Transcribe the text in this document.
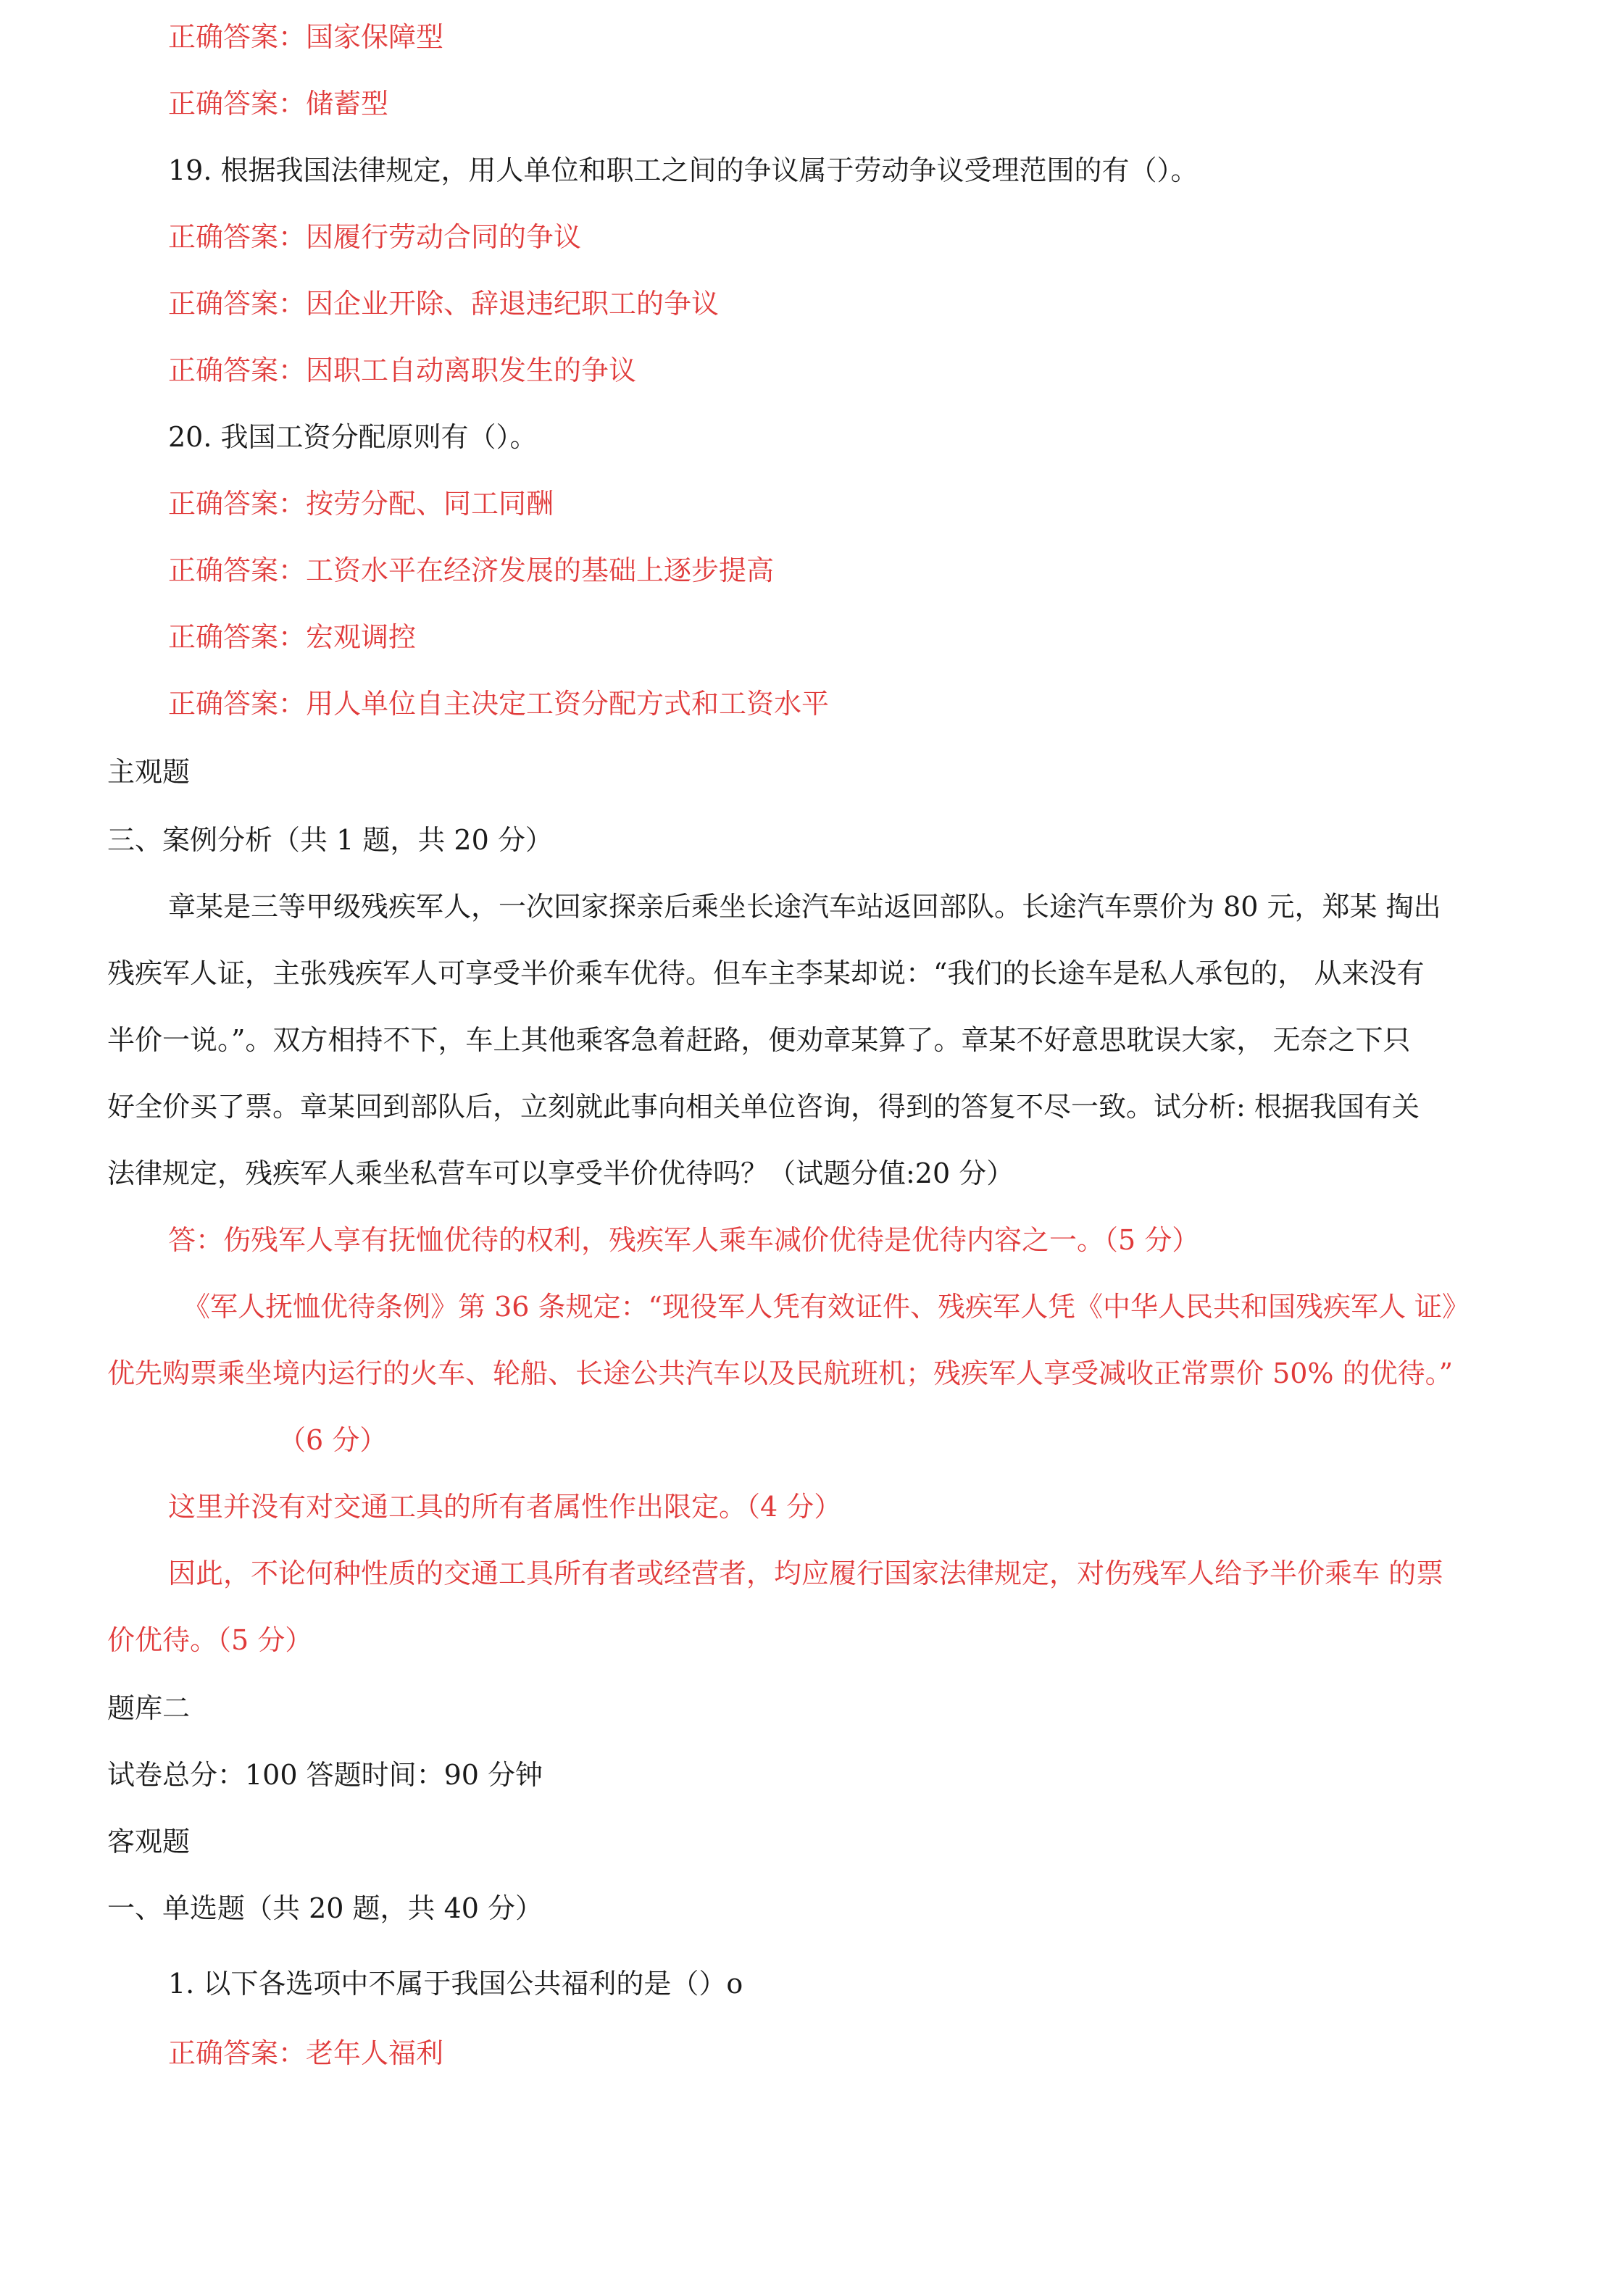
正确答案：国家保障型
正确答案：储蓄型
19. 根据我国法律规定，用人单位和职工之间的争议属于劳动争议受理范围的有（）。
正确答案：因履行劳动合同的争议
正确答案：因企业开除、辞退违纪职工的争议
正确答案：因职工自动离职发生的争议
20. 我国工资分配原则有（）。
正确答案：按劳分配、同工同酬
正确答案：工资水平在经济发展的基础上逐步提高
正确答案：宏观调控
正确答案：用人单位自主决定工资分配方式和工资水平
主观题
三、案例分析（共 1 题，共 20 分）
章某是三等甲级残疾军人，一次回家探亲后乘坐长途汽车站返回部队。长途汽车票价为 80 元，郑某 掏出
残疾军人证，主张残疾军人可享受半价乘车优待。但车主李某却说：“我们的长途车是私人承包的， 从来没有
半价一说。”。双方相持不下，车上其他乘客急着赶路，便劝章某算了。章某不好意思耽误大家， 无奈之下只
好全价买了票。章某回到部队后，立刻就此事向相关单位咨询，得到的答复不尽一致。试分析: 根据我国有关
法律规定，残疾军人乘坐私营车可以享受半价优待吗？（试题分值:20 分）
答：伤残军人享有抚恤优待的权利，残疾军人乘车减价优待是优待内容之一。（5 分）
《军人抚恤优待条例》第 36 条规定：“现役军人凭有效证件、残疾军人凭《中华人民共和国残疾军人 证》
优先购票乘坐境内运行的火车、轮船、长途公共汽车以及民航班机；残疾军人享受减收正常票价 50% 的优待。”
（6 分）
这里并没有对交通工具的所有者属性作出限定。（4 分）
因此，不论何种性质的交通工具所有者或经营者，均应履行国家法律规定，对伤残军人给予半价乘车 的票
价优待。（5 分）
题库二
试卷总分：100 答题时间：90 分钟
客观题
一、单选题（共 20 题，共 40 分）
1. 以下各选项中不属于我国公共福利的是（）o
正确答案：老年人福利
